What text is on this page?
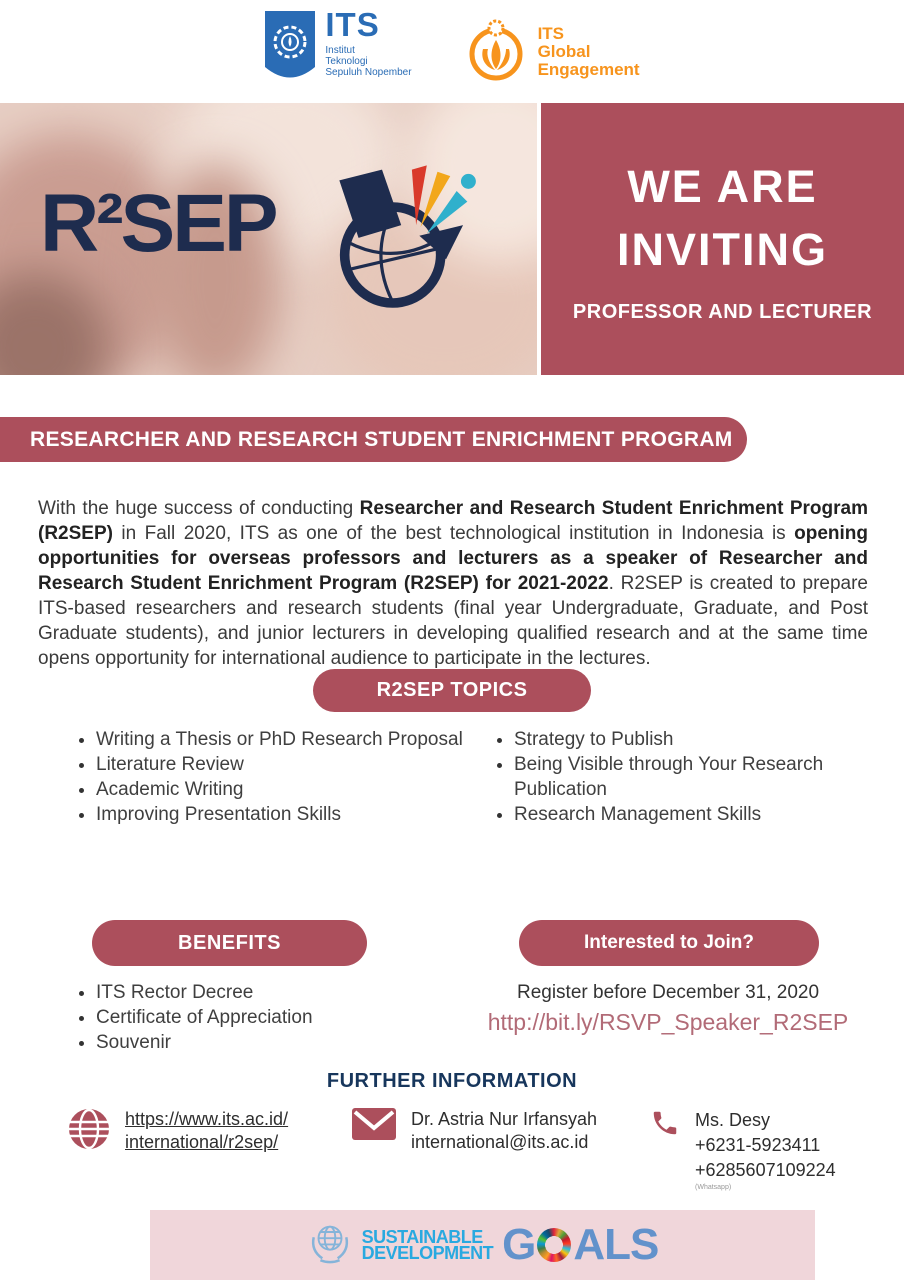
ITS
Institut
Teknologi
Sepuluh Nopember
ITS
Global
Engagement
R²SEP	WE ARE
INVITING
PROFESSOR AND LECTURER
RESEARCHER AND RESEARCH STUDENT ENRICHMENT PROGRAM

With the huge success of conducting Researcher and Research Student Enrichment Program (R2SEP) in Fall 2020, ITS as one of the best technological institution in Indonesia is opening opportunities for overseas professors and lecturers as a speaker of Researcher and Research Student Enrichment Program (R2SEP) for 2021-2022. R2SEP is created to prepare ITS-based researchers and research students (final year Undergraduate, Graduate, and Post Graduate students), and junior lecturers in developing qualified research and at the same time opens opportunity for international audience to participate in the lectures.

R2SEP TOPICS
• Writing a Thesis or PhD Research Proposal
• Literature Review
• Academic Writing
• Improving Presentation Skills
• Strategy to Publish
• Being Visible through Your Research Publication
• Research Management Skills
BENEFITS	Interested to Join?
• ITS Rector Decree
• Certificate of Appreciation
• Souvenir
Register before December 31, 2020
http://bit.ly/RSVP_Speaker_R2SEP
FURTHER INFORMATION
https://www.its.ac.id/
international/r2sep/
Dr. Astria Nur Irfansyah
international@its.ac.id
Ms. Desy
+6231-5923411
+6285607109224
(Whatsapp)
SUSTAINABLE
DEVELOPMENT G ALS
